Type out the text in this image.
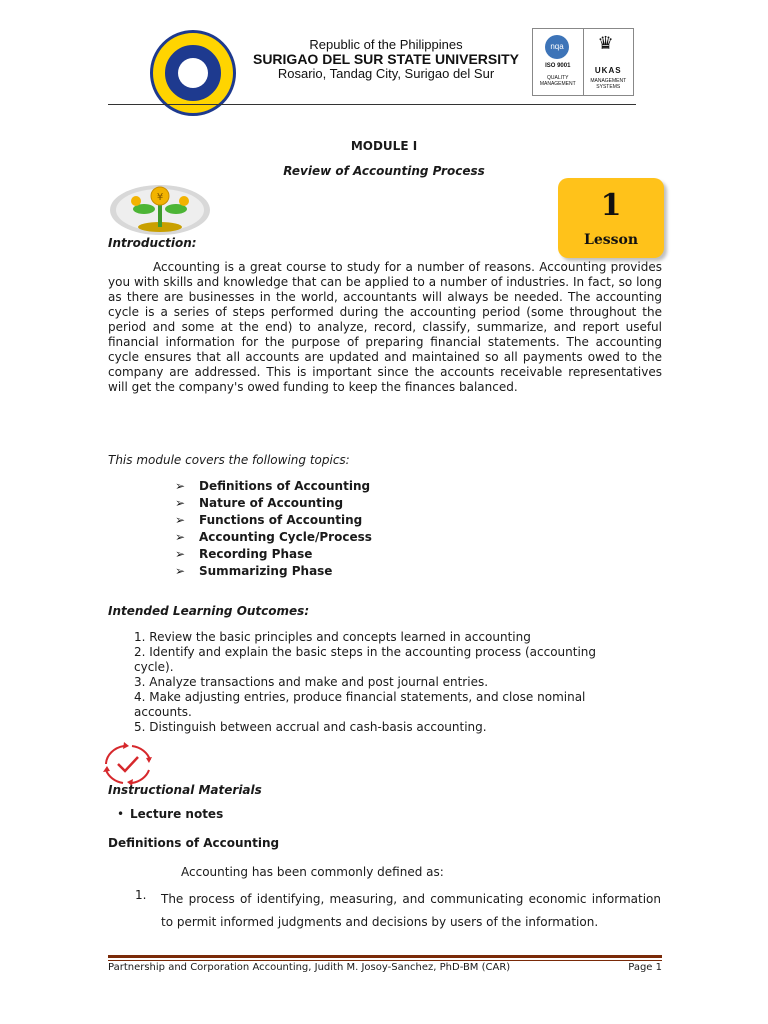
Republic of the Philippines
SURIGAO DEL SUR STATE UNIVERSITY
Rosario, Tandag City, Surigao del Sur
nqa
ISO 9001
QUALITY MANAGEMENT
♛
UKAS
MANAGEMENT SYSTEMS
MODULE I
Review of Accounting Process
¥	1
Lesson
Introduction:
Accounting is a great course to study for a number of reasons. Accounting provides you with skills and knowledge that can be applied to a number of industries. In fact, so long as there are businesses in the world, accountants will always be needed. The accounting cycle is a series of steps performed during the accounting period (some throughout the period and some at the end) to analyze, record, classify, summarize, and report useful financial information for the purpose of preparing financial statements. The accounting cycle ensures that all accounts are updated and maintained so all payments owed to the company are addressed. This is important since the accounts receivable representatives will get the company's owed funding to keep the finances balanced.
This module covers the following topics:
➢ Definitions of Accounting
➢ Nature of Accounting
➢ Functions of Accounting
➢ Accounting Cycle/Process
➢ Recording Phase
➢ Summarizing Phase
Intended Learning Outcomes:
1. Review the basic principles and concepts learned in accounting
2. Identify and explain the basic steps in the accounting process (accounting cycle).
3. Analyze transactions and make and post journal entries.
4. Make adjusting entries, produce financial statements, and close nominal accounts.
5. Distinguish between accrual and cash-basis accounting.
Instructional Materials
• Lecture notes
Definitions of Accounting
Accounting has been commonly defined as:
1. The process of identifying, measuring, and communicating economic information to permit informed judgments and decisions by users of the information.
Partnership and Corporation Accounting, Judith M. Josoy-Sanchez, PhD-BM (CAR)	Page 1
